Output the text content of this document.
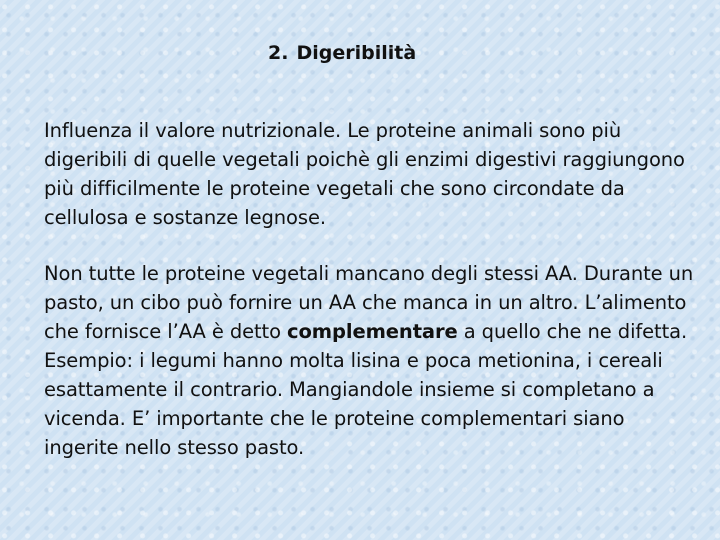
2. Digeribilità
Influenza il valore nutrizionale. Le proteine animali sono più digeribili di quelle vegetali poichè gli enzimi digestivi raggiungono più difficilmente le proteine vegetali che sono circondate da cellulosa e sostanze legnose.
Non tutte le proteine vegetali mancano degli stessi AA. Durante un pasto, un cibo può fornire un AA che manca in un altro. L’alimento che fornisce l’AA è detto complementare a quello che ne difetta. Esempio: i legumi hanno molta lisina e poca metionina, i cereali esattamente il contrario. Mangiandole insieme si completano a vicenda. E’ importante che le proteine complementari siano ingerite nello stesso pasto.
